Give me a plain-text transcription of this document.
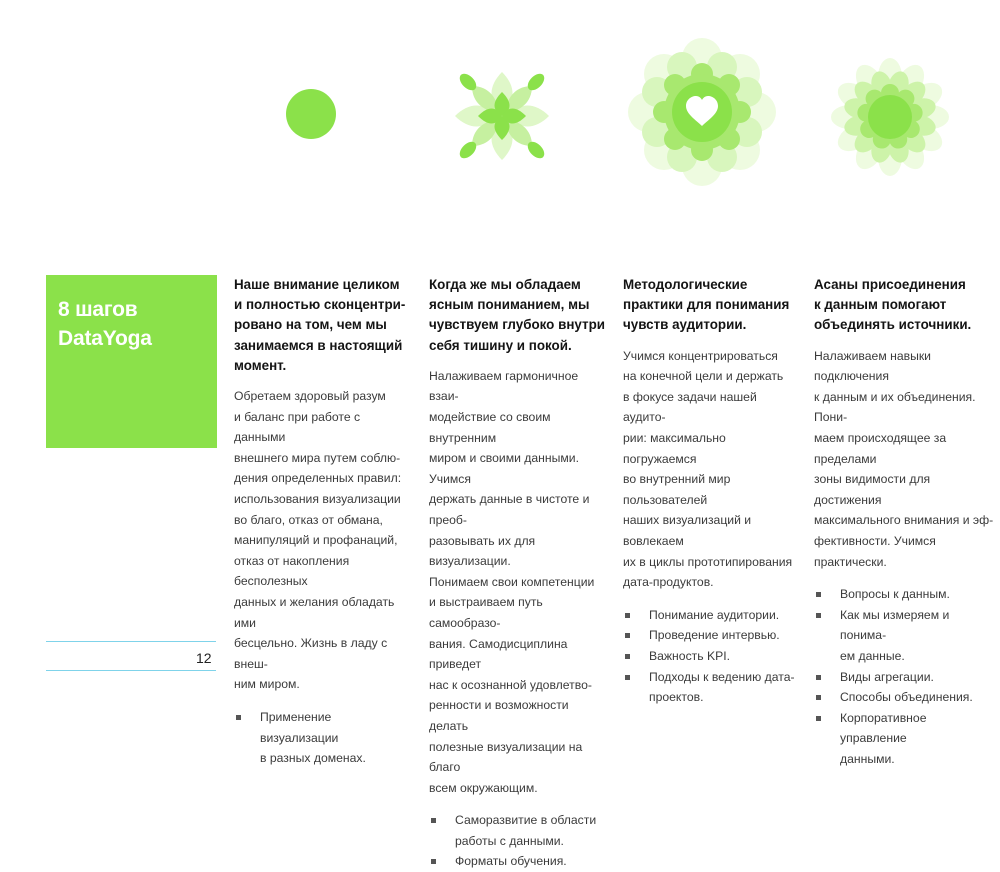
8 шагов
DataYoga
12
Наше внимание целиком
и полностью сконцентри-
ровано на том, чем мы
занимаемся в настоящий
момент.
Обретаем здоровый разум
и баланс при работе с данными
внешнего мира путем соблю-
дения определенных правил:
использования визуализации
во благо, отказ от обмана,
манипуляций и профанаций,
отказ от накопления бесполезных
данных и желания обладать ими
бесцельно. Жизнь в ладу с внеш-
ним миром.
Применение визуализации
в разных доменах.
Когда же мы обладаем
ясным пониманием, мы
чувствуем глубоко внутри
себя тишину и покой.
Налаживаем гармоничное взаи-
модействие со своим внутренним
миром и своими данными. Учимся
держать данные в чистоте и преоб-
разовывать их для визуализации.
Понимаем свои компетенции
и выстраиваем путь самообразо-
вания. Самодисциплина приведет
нас к осознанной удовлетво-
ренности и возможности делать
полезные визуализации на благо
всем окружающим.
Саморазвитие в области
работы с данными.
Форматы обучения.
Методологические
практики для понимания
чувств аудитории.
Учимся концентрироваться
на конечной цели и держать
в фокусе задачи нашей аудито-
рии: максимально погружаемся
во внутренний мир пользователей
наших визуализаций и вовлекаем
их в циклы прототипирования
дата-продуктов.
Понимание аудитории.
Проведение интервью.
Важность KPI.
Подходы к ведению дата-
проектов.
Асаны присоединения
к данным помогают
объединять источники.
Налаживаем навыки подключения
к данным и их объединения. Пони-
маем происходящее за пределами
зоны видимости для достижения
максимального внимания и эф-
фективности. Учимся практически.
Вопросы к данным.
Как мы измеряем и понима-
ем данные.
Виды агрегации.
Способы объединения.
Корпоративное управление
данными.
